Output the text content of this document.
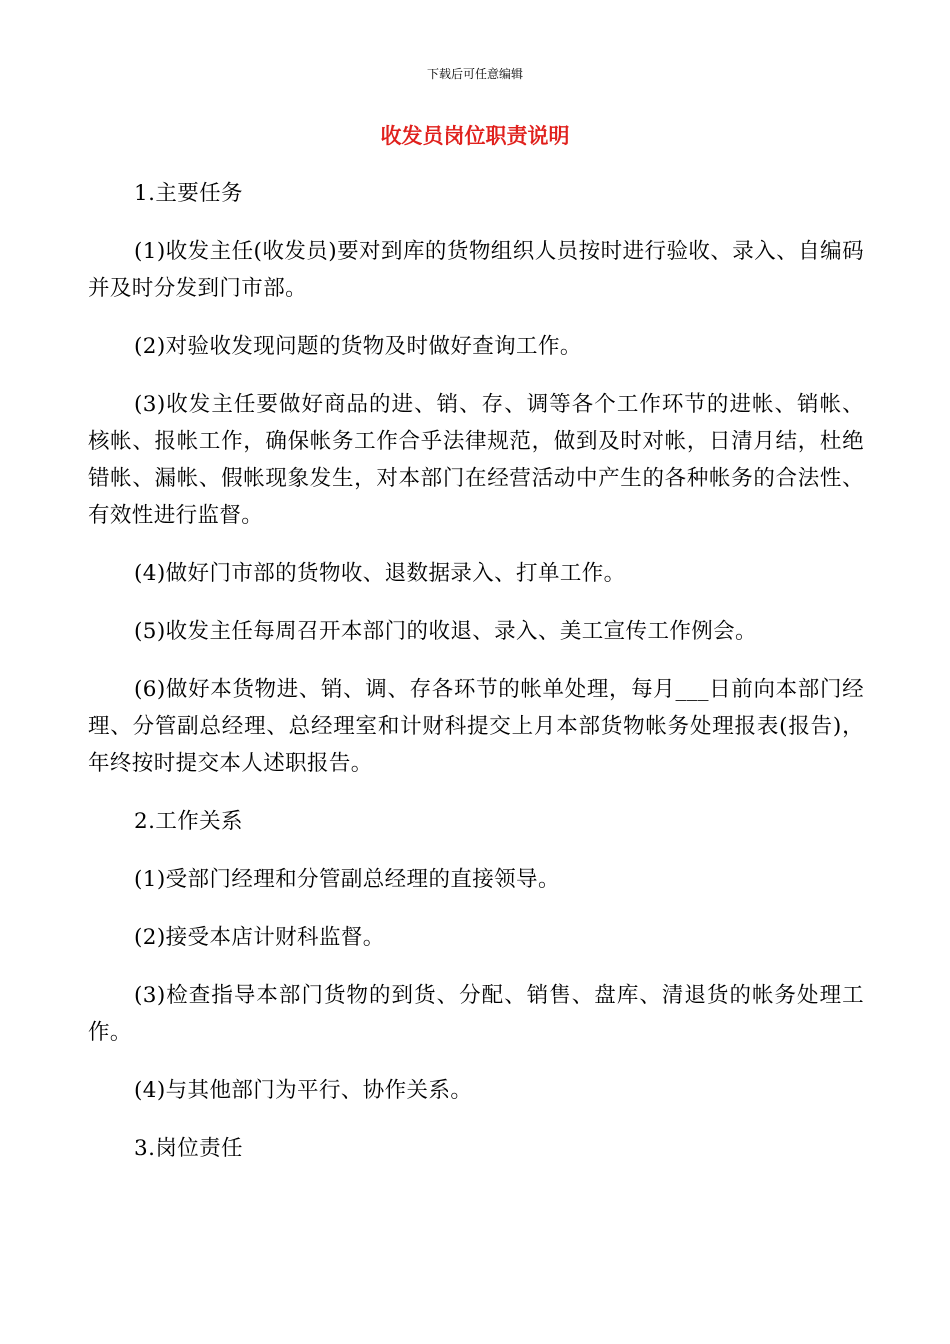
下载后可任意编辑
收发员岗位职责说明

1.主要任务

(1)收发主任(收发员)要对到库的货物组织人员按时进行验收、录入、自编码并及时分发到门市部。

(2)对验收发现问题的货物及时做好查询工作。

(3)收发主任要做好商品的进、销、存、调等各个工作环节的进帐、销帐、核帐、报帐工作，确保帐务工作合乎法律规范，做到及时对帐，日清月结，杜绝错帐、漏帐、假帐现象发生，对本部门在经营活动中产生的各种帐务的合法性、有效性进行监督。

(4)做好门市部的货物收、退数据录入、打单工作。

(5)收发主任每周召开本部门的收退、录入、美工宣传工作例会。

(6)做好本货物进、销、调、存各环节的帐单处理，每月___日前向本部门经理、分管副总经理、总经理室和计财科提交上月本部货物帐务处理报表(报告)，年终按时提交本人述职报告。

2.工作关系

(1)受部门经理和分管副总经理的直接领导。

(2)接受本店计财科监督。

(3)检查指导本部门货物的到货、分配、销售、盘库、清退货的帐务处理工作。

(4)与其他部门为平行、协作关系。

3.岗位责任
